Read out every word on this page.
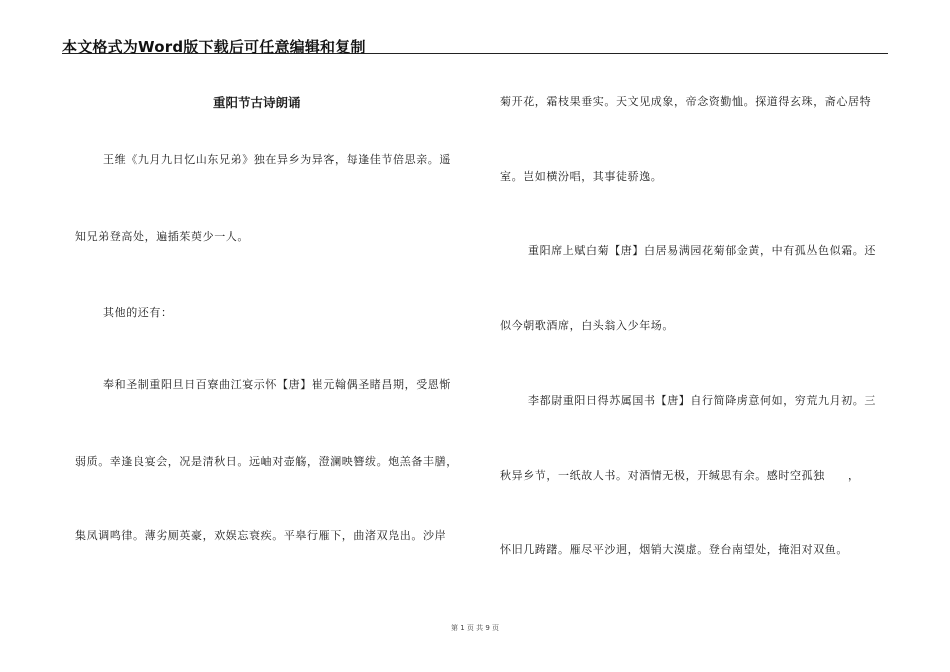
本文格式为Word版下载后可任意编辑和复制
重阳节古诗朗诵
王维《九月九日忆山东兄弟》独在异乡为异客，每逢佳节倍思亲。遥
知兄弟登高处，遍插茱萸少一人。
其他的还有：
奉和圣制重阳旦日百寮曲江宴示怀【唐】崔元翰偶圣睹昌期，受恩惭
弱质。幸逢良宴会，况是清秋日。远岫对壶觞，澄澜映簪绂。炮羔备丰膳，
集凤调鸣律。薄劣厕英豪，欢娱忘衰疾。平皋行雁下，曲渚双凫出。沙岸
菊开花，霜枝果垂实。天文见成象，帝念资勤恤。探道得玄珠，斋心居特
室。岂如横汾唱，其事徒骄逸。
重阳席上赋白菊【唐】白居易满园花菊郁金黄，中有孤丛色似霜。还
似今朝歌酒席，白头翁入少年场。
李都尉重阳日得苏属国书【唐】自行简降虏意何如，穷荒九月初。三
秋异乡节，一纸故人书。对酒情无极，开缄思有余。感时空孤独　　，
怀旧几踌躇。雁尽平沙迥，烟销大漠虚。登台南望处，掩泪对双鱼。
第 1 页 共 9 页
